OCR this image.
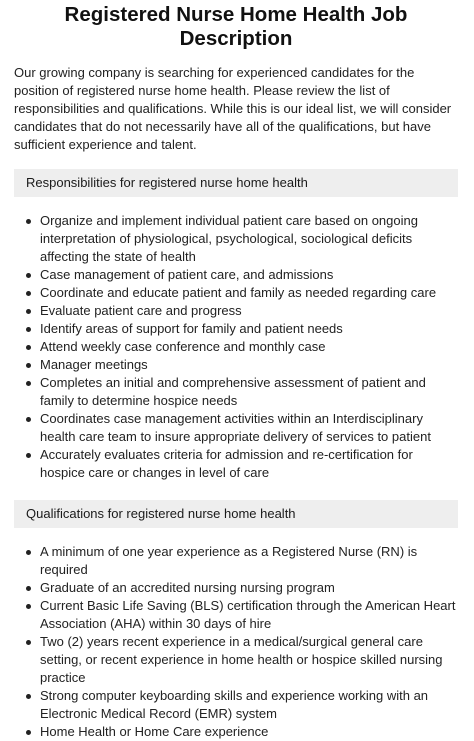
Registered Nurse Home Health Job Description

Our growing company is searching for experienced candidates for the position of registered nurse home health. Please review the list of responsibilities and qualifications. While this is our ideal list, we will consider candidates that do not necessarily have all of the qualifications, but have sufficient experience and talent.

Responsibilities for registered nurse home health
Organize and implement individual patient care based on ongoing interpretation of physiological, psychological, sociological deficits affecting the state of health
Case management of patient care, and admissions
Coordinate and educate patient and family as needed regarding care
Evaluate patient care and progress
Identify areas of support for family and patient needs
Attend weekly case conference and monthly case
Manager meetings
Completes an initial and comprehensive assessment of patient and family to determine hospice needs
Coordinates case management activities within an Interdisciplinary health care team to insure appropriate delivery of services to patient
Accurately evaluates criteria for admission and re-certification for hospice care or changes in level of care
Qualifications for registered nurse home health
A minimum of one year experience as a Registered Nurse (RN) is required
Graduate of an accredited nursing nursing program
Current Basic Life Saving (BLS) certification through the American Heart Association (AHA) within 30 days of hire
Two (2) years recent experience in a medical/surgical general care setting, or recent experience in home health or hospice skilled nursing practice
Strong computer keyboarding skills and experience working with an Electronic Medical Record (EMR) system
Home Health or Home Care experience
